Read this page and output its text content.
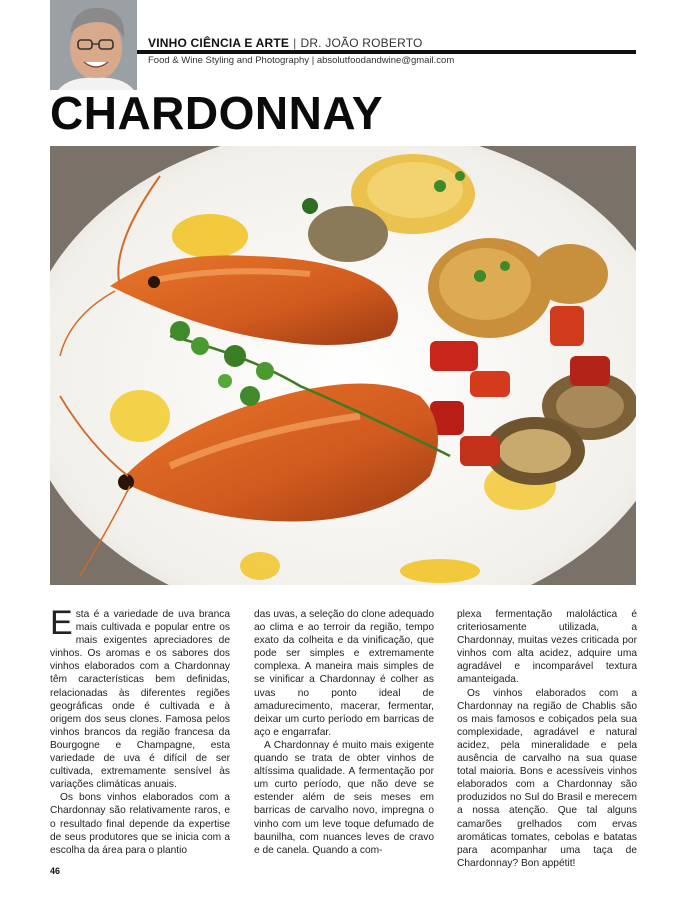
VINHO CIÊNCIA E ARTE | DR. JOÃO ROBERTO
Food & Wine Styling and Photography | absolutfoodandwine@gmail.com
CHARDONNAY

Esta é a variedade de uva branca mais cultivada e popular entre os mais exigentes apreciadores de vinhos. Os aromas e os sabores dos vinhos elaborados com a Chardonnay têm características bem definidas, relacionadas às diferentes regiões geográficas onde é cultivada e à origem dos seus clones. Famosa pelos vinhos brancos da região francesa da Bourgogne e Champagne, esta variedade de uva é difícil de ser cultivada, extremamente sensível às variações climáticas anuais.

Os bons vinhos elaborados com a Chardonnay são relativamente raros, e o resultado final depende da expertise de seus produtores que se inicia com a escolha da área para o plantio

das uvas, a seleção do clone adequado ao clima e ao terroir da região, tempo exato da colheita e da vinificação, que pode ser simples e extremamente complexa. A maneira mais simples de se vinificar a Chardonnay é colher as uvas no ponto ideal de amadurecimento, macerar, fermentar, deixar um curto período em barricas de aço e engarrafar.

A Chardonnay é muito mais exigente quando se trata de obter vinhos de altíssima qualidade. A fermentação por um curto período, que não deve se estender além de seis meses em barricas de carvalho novo, impregna o vinho com um leve toque defumado de baunilha, com nuances leves de cravo e de canela. Quando a com-

plexa fermentação maloláctica é criteriosamente utilizada, a Chardonnay, muitas vezes criticada por vinhos com alta acidez, adquire uma agradável e incomparável textura amanteigada.

Os vinhos elaborados com a Chardonnay na região de Chablis são os mais famosos e cobiçados pela sua complexidade, agradável e natural acidez, pela mineralidade e pela ausência de carvalho na sua quase total maioria. Bons e acessíveis vinhos elaborados com a Chardonnay são produzidos no Sul do Brasil e merecem a nossa atenção. Que tal alguns camarões grelhados com ervas aromáticas tomates, cebolas e batatas para acompanhar uma taça de Chardonnay? Bon appétit!

46
